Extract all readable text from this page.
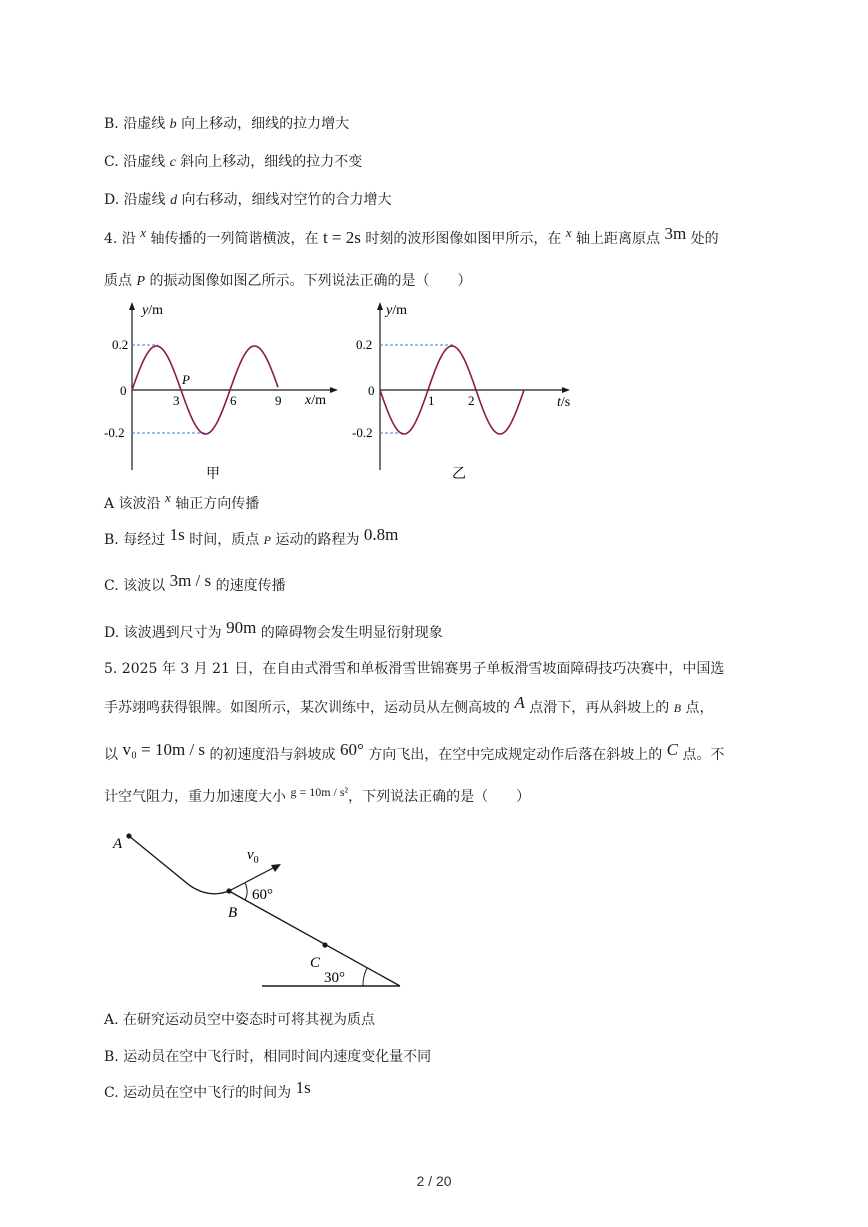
B. 沿虚线 b 向上移动，细线的拉力增大
C. 沿虚线 c 斜向上移动，细线的拉力不变
D. 沿虚线 d 向右移动，细线对空竹的合力增大
4. 沿 x 轴传播的一列简谐横波，在 t = 2s 时刻的波形图像如图甲所示，在 x 轴上距离原点 3m 处的
质点 P 的振动图像如图乙所示。下列说法正确的是（　　）
y/m
0.2
0
-0.2
3	6	9
P
x/m
甲
y/m
0.2
0
-0.2
1	2	t/s
乙
A 该波沿 x 轴正方向传播
B. 每经过 1s 时间，质点 P 运动的路程为 0.8m
C. 该波以 3m / s 的速度传播
D. 该波遇到尺寸为 90m 的障碍物会发生明显衍射现象
5. 2025 年 3 月 21 日，在自由式滑雪和单板滑雪世锦赛男子单板滑雪坡面障碍技巧决赛中，中国选
手苏翊鸣获得银牌。如图所示，某次训练中，运动员从左侧高坡的 A 点滑下，再从斜坡上的 B 点，
以 v₀ = 10m / s 的初速度沿与斜坡成 60° 方向飞出，在空中完成规定动作后落在斜坡上的 C 点。不
计空气阻力，重力加速度大小 g = 10m / s²，下列说法正确的是（　　）
A
$v_0$
60°
B
C
30°
A. 在研究运动员空中姿态时可将其视为质点
B. 运动员在空中飞行时，相同时间内速度变化量不同
C. 运动员在空中飞行的时间为 1s
2 / 20
